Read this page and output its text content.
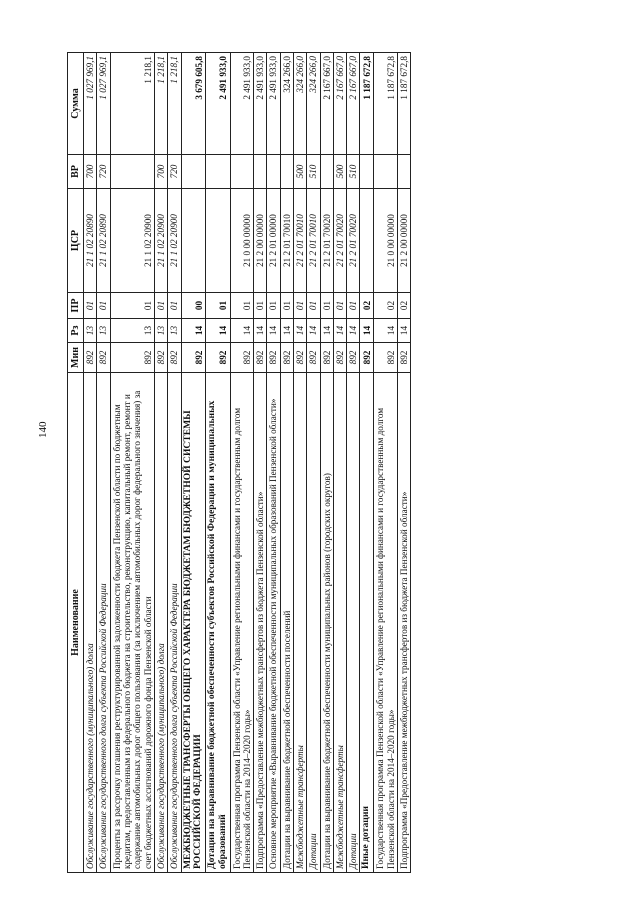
140
Наименование	Мин	Рз	ПР	ЦСР	ВР	Сумма
Обслуживание государственного (муниципального) долга	892	13	01	21 1 02 20890	700	1 027 969,1
Обслуживание государственного долга субъекта Российской Федерации	892	13	01	21 1 02 20890	720	1 027 969,1
Проценты за рассрочку погашения реструктурированной задолженности бюджета Пензенской области по бюджетным кредитам, предоставленным из федерального бюджета на строительство, реконструкцию, капитальный ремонт, ремонт и содержание автомобильных дорог общего пользования (за исключением автомобильных дорог федерального значения) за счет бюджетных ассигнований дорожного фонда Пензенской области	892	13	01	21 1 02 20900		1 218,1
Обслуживание государственного (муниципального) долга	892	13	01	21 1 02 20900	700	1 218,1
Обслуживание государственного долга субъекта Российской Федерации	892	13	01	21 1 02 20900	720	1 218,1
МЕЖБЮДЖЕТНЫЕ ТРАНСФЕРТЫ ОБЩЕГО ХАРАКТЕРА БЮДЖЕТАМ БЮДЖЕТНОЙ СИСТЕМЫ РОССИЙСКОЙ ФЕДЕРАЦИИ	892	14	00			3 679 605,8
Дотации на выравнивание бюджетной обеспеченности субъектов Российской Федерации и муниципальных образований	892	14	01			2 491 933,0
Государственная программа Пензенской области «Управление региональными финансами и государственным долгом Пензенской области на 2014–2020 годы»	892	14	01	21 0 00 00000		2 491 933,0
Подпрограмма «Предоставление межбюджетных трансфертов из бюджета Пензенской области»	892	14	01	21 2 00 00000		2 491 933,0
Основное мероприятие «Выравнивание бюджетной обеспеченности муниципальных образований Пензенской области»	892	14	01	21 2 01 00000		2 491 933,0
Дотации на выравнивание бюджетной обеспеченности поселений	892	14	01	21 2 01 70010		324 266,0
Межбюджетные трансферты	892	14	01	21 2 01 70010	500	324 266,0
Дотации	892	14	01	21 2 01 70010	510	324 266,0
Дотации на выравнивание бюджетной обеспеченности муниципальных районов (городских округов)	892	14	01	21 2 01 70020		2 167 667,0
Межбюджетные трансферты	892	14	01	21 2 01 70020	500	2 167 667,0
Дотации	892	14	01	21 2 01 70020	510	2 167 667,0
Иные дотации	892	14	02			1 187 672,8
Государственная программа Пензенской области «Управление региональными финансами и государственным долгом Пензенской области на 2014–2020 годы»	892	14	02	21 0 00 00000		1 187 672,8
Подпрограмма «Предоставление межбюджетных трансфертов из бюджета Пензенской области»	892	14	02	21 2 00 00000		1 187 672,8
